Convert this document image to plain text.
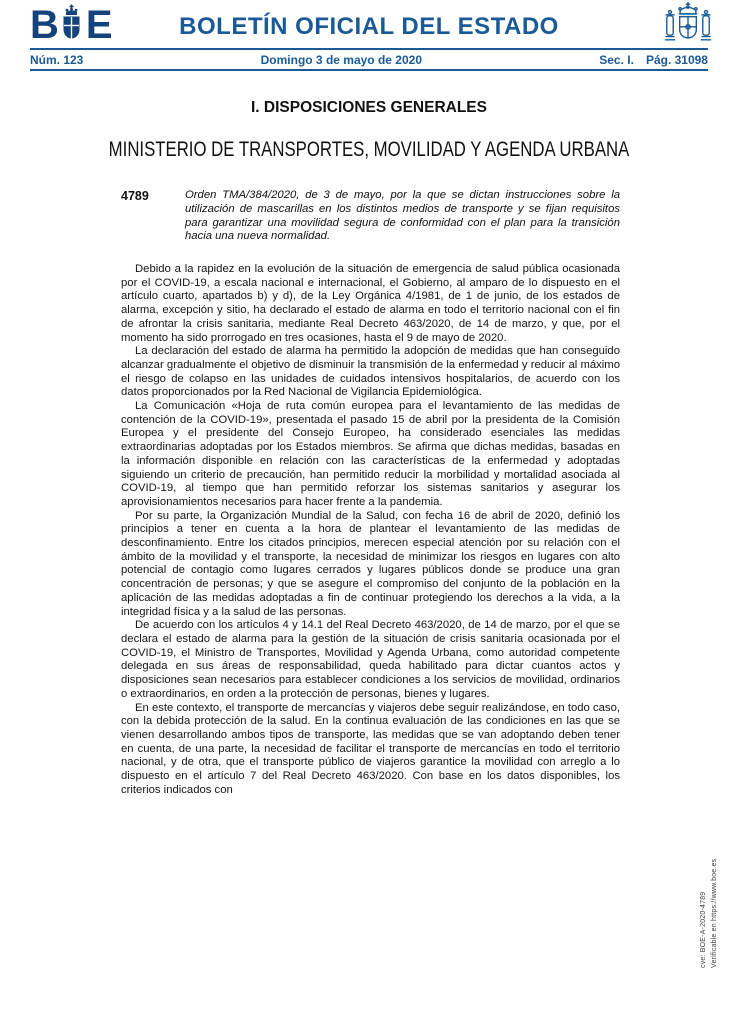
B E	BOLETÍN OFICIAL DEL ESTADO
Núm. 123	Domingo 3 de mayo de 2020	Sec. I. Pág. 31098
I. DISPOSICIONES GENERALES
MINISTERIO DE TRANSPORTES, MOVILIDAD Y AGENDA URBANA
4789	Orden TMA/384/2020, de 3 de mayo, por la que se dictan instrucciones sobre la utilización de mascarillas en los distintos medios de transporte y se fijan requisitos para garantizar una movilidad segura de conformidad con el plan para la transición hacia una nueva normalidad.

Debido a la rapidez en la evolución de la situación de emergencia de salud pública ocasionada por el COVID-19, a escala nacional e internacional, el Gobierno, al amparo de lo dispuesto en el artículo cuarto, apartados b) y d), de la Ley Orgánica 4/1981, de 1 de junio, de los estados de alarma, excepción y sitio, ha declarado el estado de alarma en todo el territorio nacional con el fin de afrontar la crisis sanitaria, mediante Real Decreto 463/2020, de 14 de marzo, y que, por el momento ha sido prorrogado en tres ocasiones, hasta el 9 de mayo de 2020.

La declaración del estado de alarma ha permitido la adopción de medidas que han conseguido alcanzar gradualmente el objetivo de disminuir la transmisión de la enfermedad y reducir al máximo el riesgo de colapso en las unidades de cuidados intensivos hospitalarios, de acuerdo con los datos proporcionados por la Red Nacional de Vigilancia Epidemiológica.

La Comunicación «Hoja de ruta común europea para el levantamiento de las medidas de contención de la COVID-19», presentada el pasado 15 de abril por la presidenta de la Comisión Europea y el presidente del Consejo Europeo, ha considerado esenciales las medidas extraordinarias adoptadas por los Estados miembros. Se afirma que dichas medidas, basadas en la información disponible en relación con las características de la enfermedad y adoptadas siguiendo un criterio de precaución, han permitido reducir la morbilidad y mortalidad asociada al COVID-19, al tiempo que han permitido reforzar los sistemas sanitarios y asegurar los aprovisionamientos necesarios para hacer frente a la pandemia.

Por su parte, la Organización Mundial de la Salud, con fecha 16 de abril de 2020, definió los principios a tener en cuenta a la hora de plantear el levantamiento de las medidas de desconfinamiento. Entre los citados principios, merecen especial atención por su relación con el ámbito de la movilidad y el transporte, la necesidad de minimizar los riesgos en lugares con alto potencial de contagio como lugares cerrados y lugares públicos donde se produce una gran concentración de personas; y que se asegure el compromiso del conjunto de la población en la aplicación de las medidas adoptadas a fin de continuar protegiendo los derechos a la vida, a la integridad física y a la salud de las personas.

De acuerdo con los artículos 4 y 14.1 del Real Decreto 463/2020, de 14 de marzo, por el que se declara el estado de alarma para la gestión de la situación de crisis sanitaria ocasionada por el COVID-19, el Ministro de Transportes, Movilidad y Agenda Urbana, como autoridad competente delegada en sus áreas de responsabilidad, queda habilitado para dictar cuantos actos y disposiciones sean necesarios para establecer condiciones a los servicios de movilidad, ordinarios o extraordinarios, en orden a la protección de personas, bienes y lugares.

En este contexto, el transporte de mercancías y viajeros debe seguir realizándose, en todo caso, con la debida protección de la salud. En la continua evaluación de las condiciones en las que se vienen desarrollando ambos tipos de transporte, las medidas que se van adoptando deben tener en cuenta, de una parte, la necesidad de facilitar el transporte de mercancías en todo el territorio nacional, y de otra, que el transporte público de viajeros garantice la movilidad con arreglo a lo dispuesto en el artículo 7 del Real Decreto 463/2020. Con base en los datos disponibles, los criterios indicados con

cve: BOE-A-2020-4789 Verificable en https://www.boe.es
